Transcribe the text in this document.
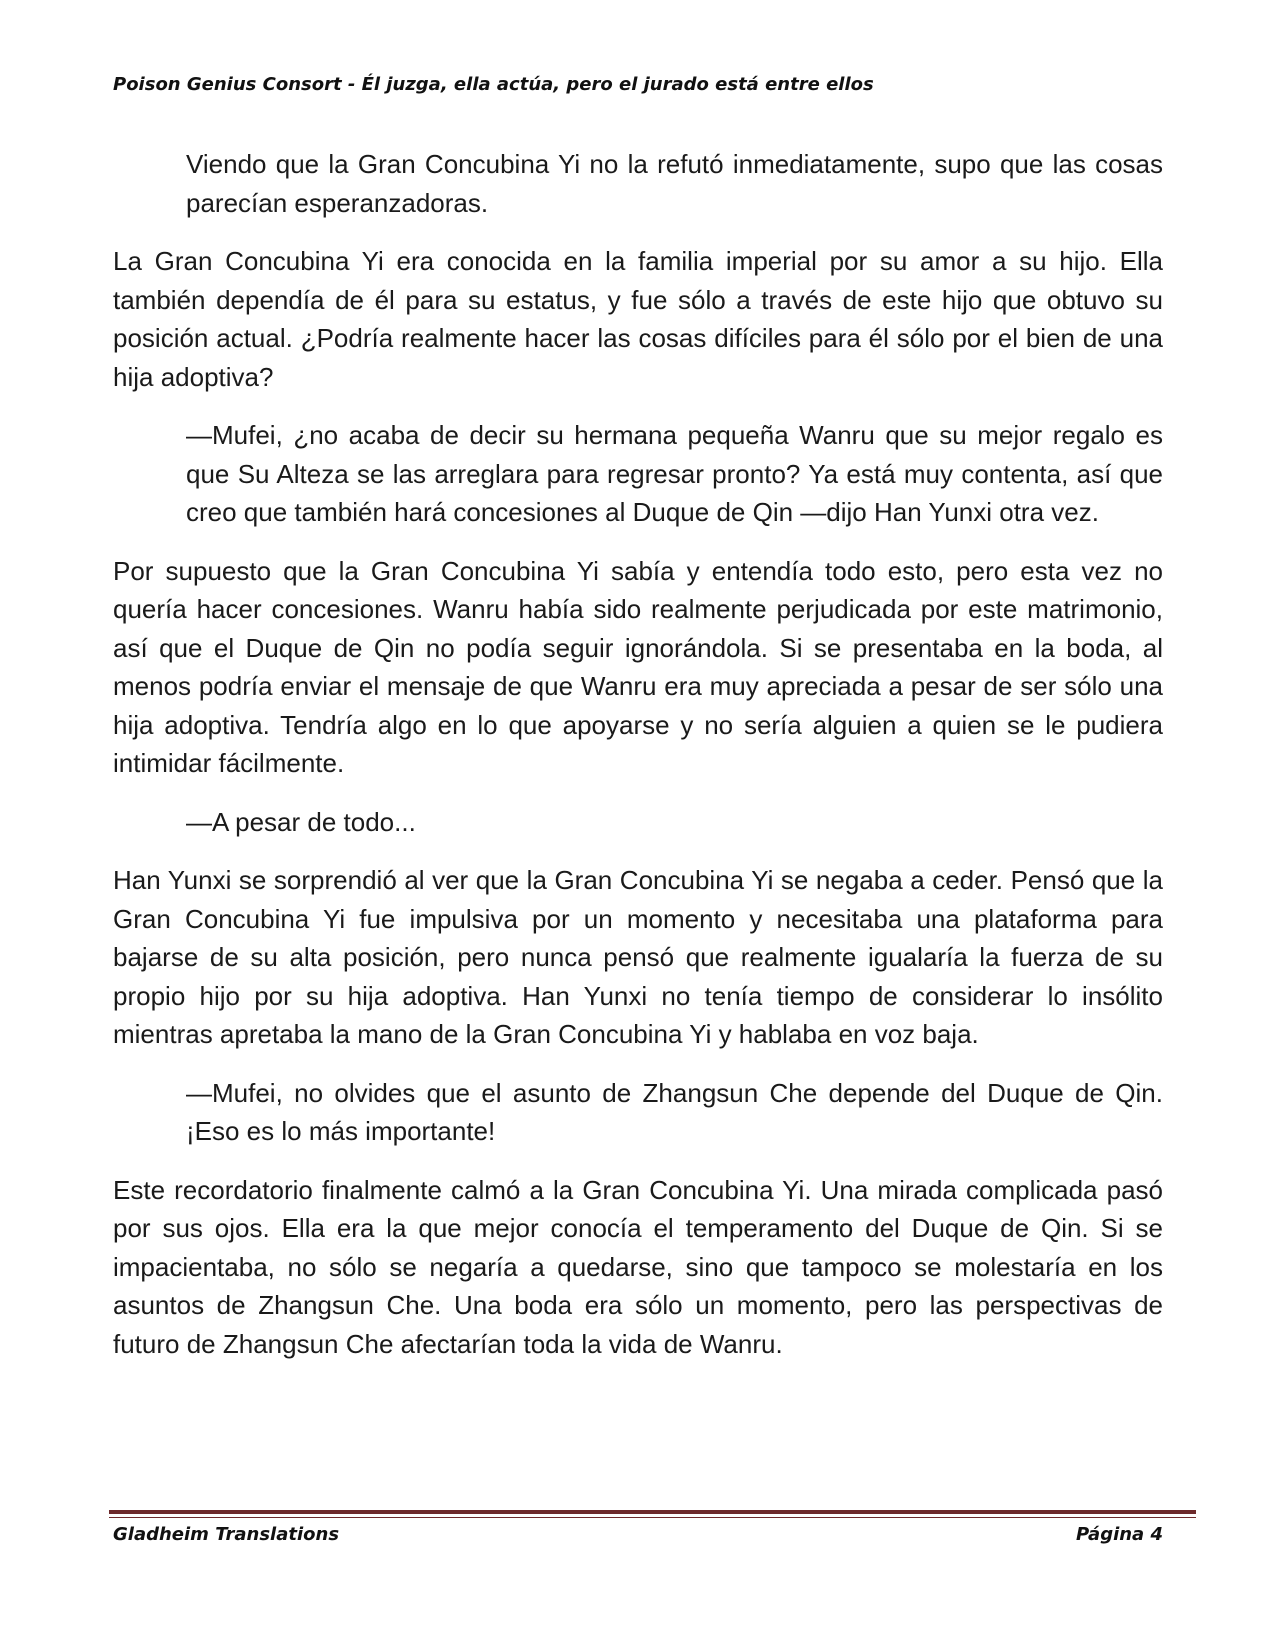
Poison Genius Consort - Él juzga, ella actúa, pero el jurado está entre ellos

Viendo que la Gran Concubina Yi no la refutó inmediatamente, supo que las cosas parecían esperanzadoras.

La Gran Concubina Yi era conocida en la familia imperial por su amor a su hijo. Ella también dependía de él para su estatus, y fue sólo a través de este hijo que obtuvo su posición actual. ¿Podría realmente hacer las cosas difíciles para él sólo por el bien de una hija adoptiva?

—Mufei, ¿no acaba de decir su hermana pequeña Wanru que su mejor regalo es que Su Alteza se las arreglara para regresar pronto? Ya está muy contenta, así que creo que también hará concesiones al Duque de Qin —dijo Han Yunxi otra vez.

Por supuesto que la Gran Concubina Yi sabía y entendía todo esto, pero esta vez no quería hacer concesiones. Wanru había sido realmente perjudicada por este matrimonio, así que el Duque de Qin no podía seguir ignorándola. Si se presentaba en la boda, al menos podría enviar el mensaje de que Wanru era muy apreciada a pesar de ser sólo una hija adoptiva. Tendría algo en lo que apoyarse y no sería alguien a quien se le pudiera intimidar fácilmente.

—A pesar de todo...

Han Yunxi se sorprendió al ver que la Gran Concubina Yi se negaba a ceder. Pensó que la Gran Concubina Yi fue impulsiva por un momento y necesitaba una plataforma para bajarse de su alta posición, pero nunca pensó que realmente igualaría la fuerza de su propio hijo por su hija adoptiva. Han Yunxi no tenía tiempo de considerar lo insólito mientras apretaba la mano de la Gran Concubina Yi y hablaba en voz baja.

—Mufei, no olvides que el asunto de Zhangsun Che depende del Duque de Qin. ¡Eso es lo más importante!

Este recordatorio finalmente calmó a la Gran Concubina Yi. Una mirada complicada pasó por sus ojos. Ella era la que mejor conocía el temperamento del Duque de Qin. Si se impacientaba, no sólo se negaría a quedarse, sino que tampoco se molestaría en los asuntos de Zhangsun Che. Una boda era sólo un momento, pero las perspectivas de futuro de Zhangsun Che afectarían toda la vida de Wanru.

Gladheim Translations	Página 4
